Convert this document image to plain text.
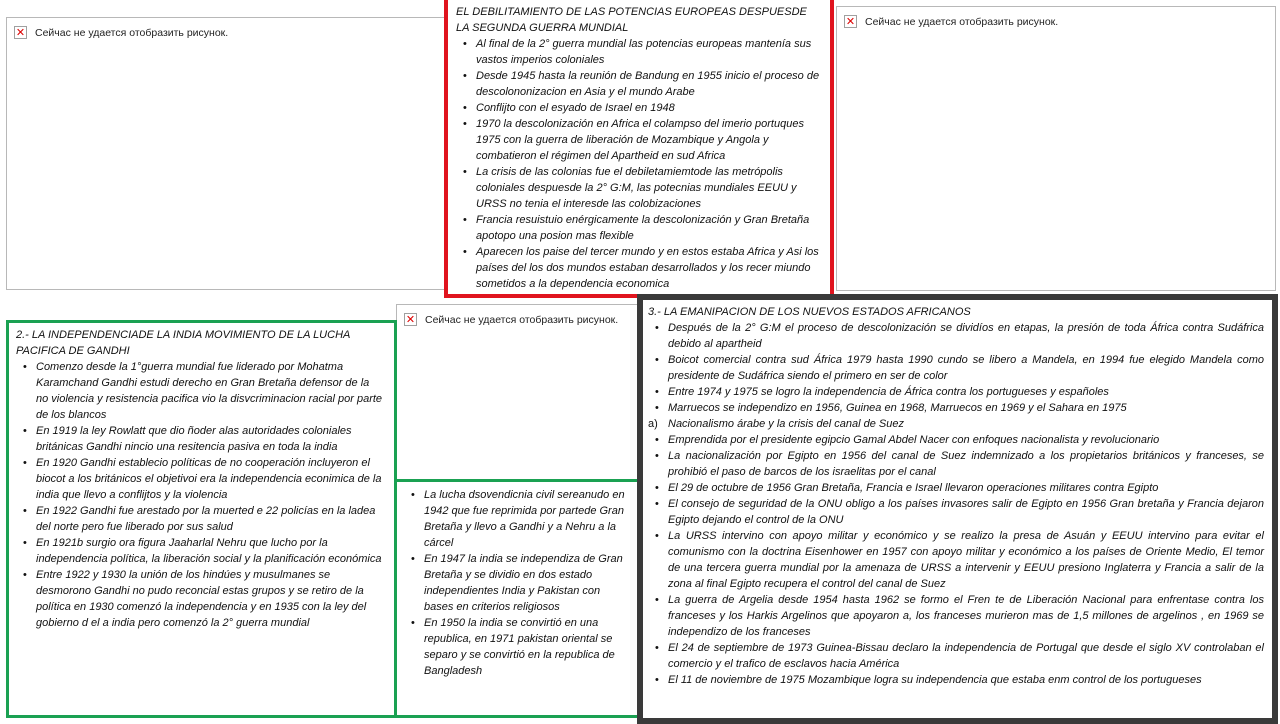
✕ Сейчас не удается отобразить рисунок.
✕ Сейчас не удается отобразить рисунок.
✕ Сейчас не удается отобразить рисунок.
EL DEBILITAMIENTO DE LAS POTENCIAS EUROPEAS DESPUESDE LA SEGUNDA GUERRA MUNDIAL
• Al final de la 2° guerra mundial las potencias europeas mantenía sus vastos imperios coloniales
• Desde 1945 hasta la reunión de Bandung en 1955 inicio el proceso de descolononizacion en Asia y el mundo Arabe
• Conflijto con el esyado de Israel en 1948
• 1970 la descolonización en Africa el colampso del imerio portuques 1975 con la guerra de liberación de Mozambique y Angola y combatieron el régimen del Apartheid en sud Africa
• La crisis de las colonias fue el debiletamiemtode las metrópolis coloniales despuesde la 2° G:M, las potecnias mundiales EEUU y URSS no tenia el interesde las colobizaciones
• Francia resuistuio enérgicamente la descolonización y Gran Bretaña apotopo una posion mas flexible
• Aparecen los paise del tercer mundo y en estos estaba Africa y Asi los países del los dos mundos estaban desarrollados y los recer miundo sometidos a la dependencia economica
2.- LA INDEPENDENCIADE LA INDIA MOVIMIENTO DE LA LUCHA PACIFICA DE GANDHI
• Comenzo desde la 1°guerra mundial fue liderado por Mohatma Karamchand Gandhi estudi derecho en Gran Bretaña defensor de la no violencia y resistencia pacifica vio la disvcriminacion racial por parte de los blancos
• En 1919 la ley Rowlatt que dio ñoder alas autoridades coloniales británicas Gandhi nincio una resitencia pasiva en toda la india
• En 1920 Gandhi establecio políticas de no cooperación incluyeron el biocot a los británicos el objetivoi era la independencia econimica de la india que llevo a conflijtos y la violencia
• En 1922 Gandhi fue arestado por la muerted e 22 policías en la ladea del norte pero fue liberado por sus salud
• En 1921b surgio ora figura Jaaharlal Nehru que lucho por la independencia política, la liberación social y la planificación económica
• Entre 1922 y 1930 la unión de los hindúes y musulmanes se desmorono Gandhi no pudo reconcial estas grupos y se retiro de la política en 1930 comenzó la independencia y en 1935 con la ley del gobierno d el a india pero comenzó la 2° guerra mundial
• La lucha dsovendicnia civil sereanudo en 1942 que fue reprimida por partede Gran Bretaña y llevo a Gandhi y a Nehru a la cárcel
• En 1947 la india se independiza de Gran Bretaña y se dividio en dos estado independientes India y Pakistan con bases en criterios religiosos
• En 1950 la india se convirtió en una republica, en 1971 pakistan oriental se separo y se convirtió en la republica de Bangladesh
3.- LA EMANIPACION DE LOS NUEVOS ESTADOS AFRICANOS
• Después de la 2° G:M el proceso de descolonización se dividíos en etapas, la presión de toda África contra Sudáfrica debido al apartheid
• Boicot comercial contra sud África 1979 hasta 1990 cundo se libero a Mandela, en 1994 fue elegido Mandela como presidente de Sudáfrica siendo el primero en ser de color
• Entre 1974 y 1975 se logro la independencia de África contra los portugueses y españoles
• Marruecos se independizo en 1956, Guinea en 1968, Marruecos en 1969 y el Sahara en 1975
a) Nacionalismo árabe y la crisis del canal de Suez
• Emprendida por el presidente egipcio Gamal Abdel Nacer con enfoques nacionalista y revolucionario
• La nacionalización por Egipto en 1956 del canal de Suez indemnizado a los propietarios británicos y franceses, se prohibió el paso de barcos de los israelitas por el canal
• El 29 de octubre de 1956 Gran Bretaña, Francia e Israel llevaron operaciones militares contra Egipto
• El consejo de seguridad de la ONU obligo a los países invasores salir de Egipto en 1956 Gran bretaña y Francia dejaron Egipto dejando el control de la ONU
• La URSS intervino con apoyo militar y económico y se realizo la presa de Asuán y EEUU intervino para evitar el comunismo con la doctrina Eisenhower en 1957 con apoyo militar y económico a los países de Oriente Medio, El temor de una tercera guerra mundial por la amenaza de URSS a intervenir y EEUU presiono Inglaterra y Francia a salir de la zona al final Egipto recupera el control del canal de Suez
• La guerra de Argelia desde 1954 hasta 1962 se formo el Fren te de Liberación Nacional para enfrentase contra los franceses y los Harkis Argelinos que apoyaron a, los franceses murieron mas de 1,5 millones de argelinos , en 1969 se independizo de los franceses
• El 24 de septiembre de 1973 Guinea-Bissau declaro la independencia de Portugal que desde el siglo XV controlaban el comercio y el trafico de esclavos hacia América
• El 11 de noviembre de 1975 Mozambique logra su independencia que estaba enm control de los portugueses
